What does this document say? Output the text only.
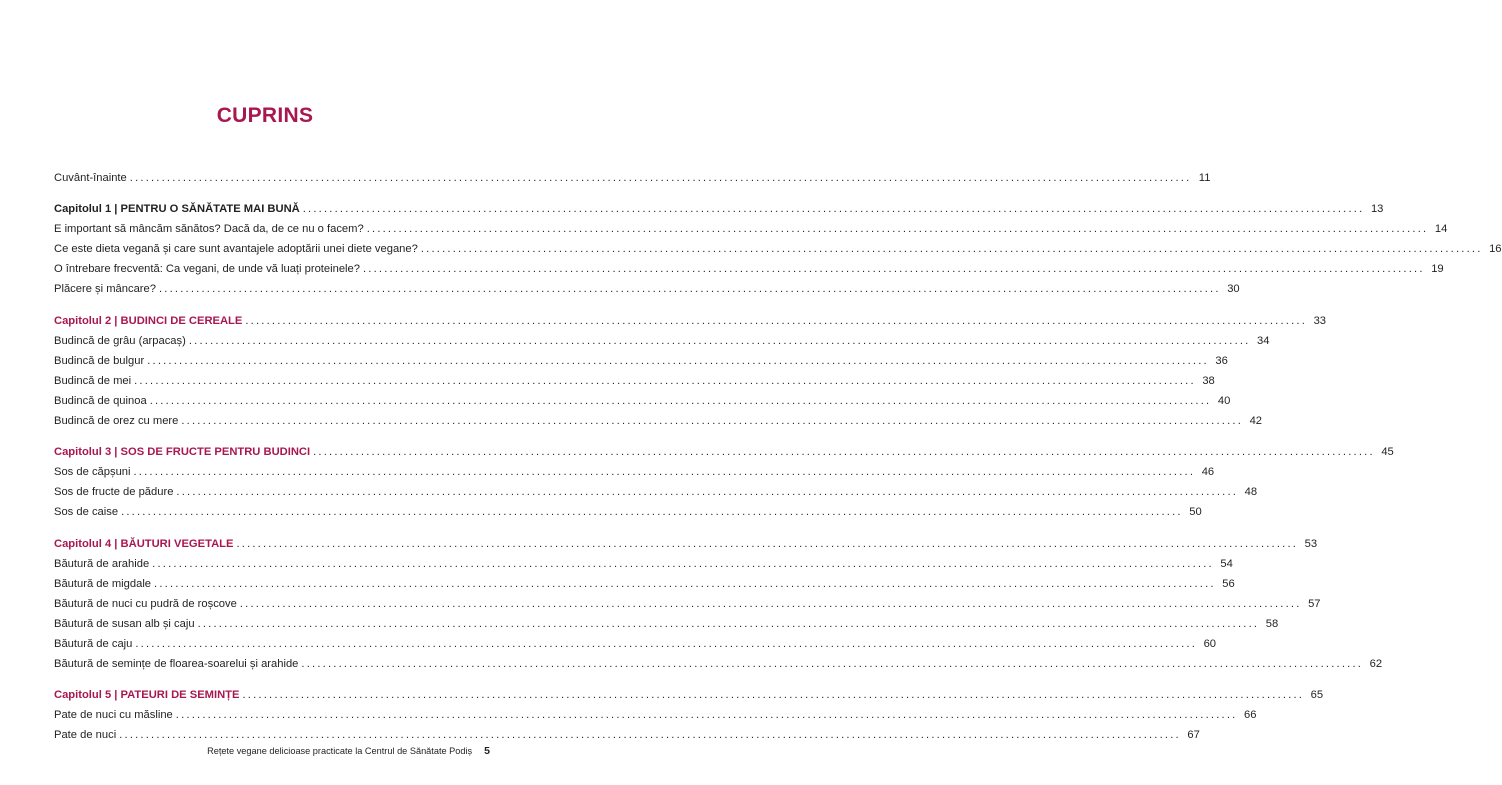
CUPRINS
Cuvânt-înainte ........................................................................................................................................................................................................ 11
Capitolul 1 | PENTRU O SĂNĂTATE MAI BUNĂ ........................................................................................................................................................................................................ 13
E important să mâncăm sănătos? Dacă da, de ce nu o facem? ........................................................................................................................................................................................................ 14
Ce este dieta vegană și care sunt avantajele adoptării unei diete vegane? ........................................................................................................................................................................................................ 16
O întrebare frecventă: Ca vegani, de unde vă luați proteinele? ........................................................................................................................................................................................................ 19
Plăcere și mâncare? ........................................................................................................................................................................................................ 30
Capitolul 2 | BUDINCI DE CEREALE ........................................................................................................................................................................................................ 33
Budincă de grâu (arpacaș) ........................................................................................................................................................................................................ 34
Budincă de bulgur ........................................................................................................................................................................................................ 36
Budincă de mei ........................................................................................................................................................................................................ 38
Budincă de quinoa ........................................................................................................................................................................................................ 40
Budincă de orez cu mere ........................................................................................................................................................................................................ 42
Capitolul 3 | SOS DE FRUCTE PENTRU BUDINCI ........................................................................................................................................................................................................ 45
Sos de căpșuni ........................................................................................................................................................................................................ 46
Sos de fructe de pădure ........................................................................................................................................................................................................ 48
Sos de caise ........................................................................................................................................................................................................ 50
Capitolul 4 | BĂUTURI VEGETALE ........................................................................................................................................................................................................ 53
Băutură de arahide ........................................................................................................................................................................................................ 54
Băutură de migdale ........................................................................................................................................................................................................ 56
Băutură de nuci cu pudră de roșcove ........................................................................................................................................................................................................ 57
Băutură de susan alb și caju ........................................................................................................................................................................................................ 58
Băutură de caju ........................................................................................................................................................................................................ 60
Băutură de semințe de floarea-soarelui și arahide ........................................................................................................................................................................................................ 62
Capitolul 5 | PATEURI DE SEMINȚE ........................................................................................................................................................................................................ 65
Pate de nuci cu măsline ........................................................................................................................................................................................................ 66
Pate de nuci ........................................................................................................................................................................................................ 67
Rețete vegane delicioase practicate la Centrul de Sănătate Podiș 5
